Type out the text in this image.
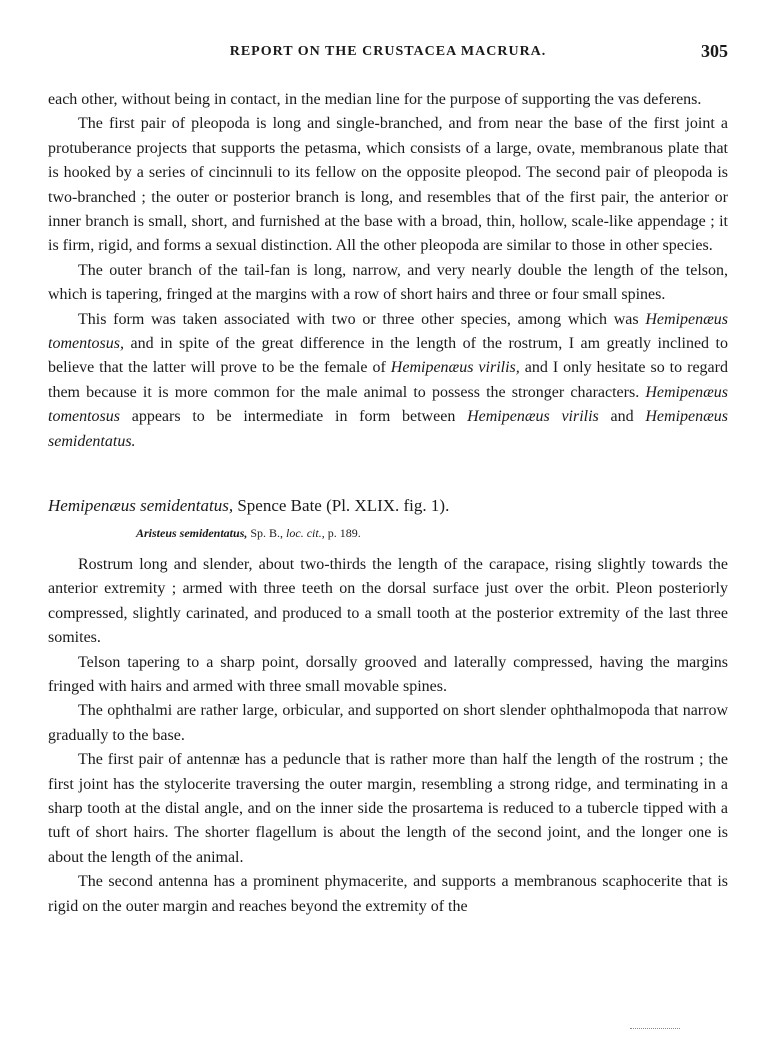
REPORT ON THE CRUSTACEA MACRURA.	305

each other, without being in contact, in the median line for the purpose of supporting the vas deferens.

The first pair of pleopoda is long and single-branched, and from near the base of the first joint a protuberance projects that supports the petasma, which consists of a large, ovate, membranous plate that is hooked by a series of cincinnuli to its fellow on the opposite pleopod. The second pair of pleopoda is two-branched ; the outer or posterior branch is long, and resembles that of the first pair, the anterior or inner branch is small, short, and furnished at the base with a broad, thin, hollow, scale-like appendage ; it is firm, rigid, and forms a sexual distinction. All the other pleopoda are similar to those in other species.

The outer branch of the tail-fan is long, narrow, and very nearly double the length of the telson, which is tapering, fringed at the margins with a row of short hairs and three or four small spines.

This form was taken associated with two or three other species, among which was Hemipenæus tomentosus, and in spite of the great difference in the length of the rostrum, I am greatly inclined to believe that the latter will prove to be the female of Hemipenæus virilis, and I only hesitate so to regard them because it is more common for the male animal to possess the stronger characters. Hemipenæus tomentosus appears to be intermediate in form between Hemipenæus virilis and Hemipenæus semidentatus.

Hemipenæus semidentatus, Spence Bate (Pl. XLIX. fig. 1).

Aristeus semidentatus, Sp. B., loc. cit., p. 189.

Rostrum long and slender, about two-thirds the length of the carapace, rising slightly towards the anterior extremity ; armed with three teeth on the dorsal surface just over the orbit. Pleon posteriorly compressed, slightly carinated, and produced to a small tooth at the posterior extremity of the last three somites.

Telson tapering to a sharp point, dorsally grooved and laterally compressed, having the margins fringed with hairs and armed with three small movable spines.

The ophthalmi are rather large, orbicular, and supported on short slender ophthalmopoda that narrow gradually to the base.

The first pair of antennæ has a peduncle that is rather more than half the length of the rostrum ; the first joint has the stylocerite traversing the outer margin, resembling a strong ridge, and terminating in a sharp tooth at the distal angle, and on the inner side the prosartema is reduced to a tubercle tipped with a tuft of short hairs. The shorter flagellum is about the length of the second joint, and the longer one is about the length of the animal.

The second antenna has a prominent phymacerite, and supports a membranous scaphocerite that is rigid on the outer margin and reaches beyond the extremity of the
